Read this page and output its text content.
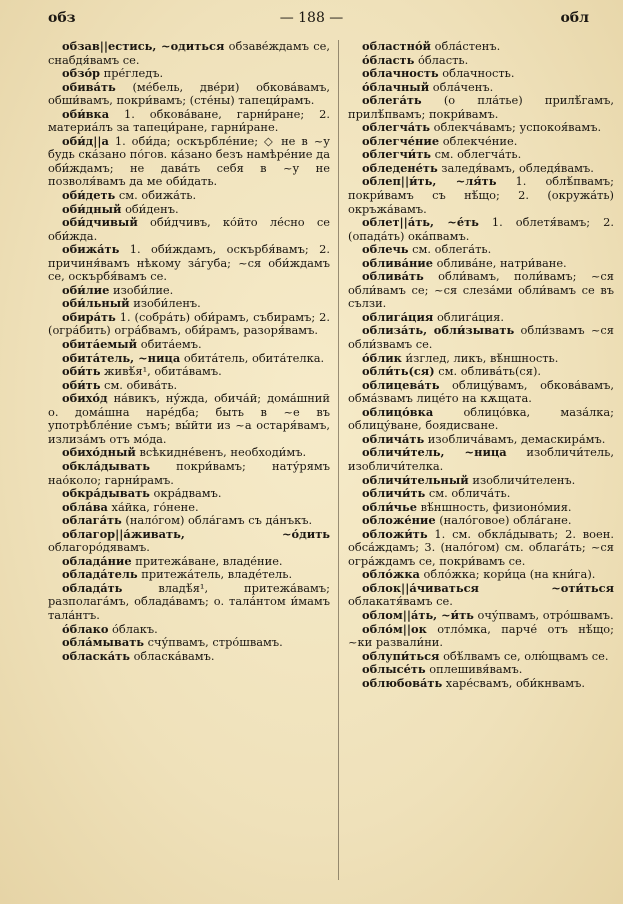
обз	— 188 —	обл

обзав||естись, ~одиться обзаве́ждамъ се, снабдя́вамъ се.

обзо́р пре́гледъ.

обива́ть (ме́бель, две́ри) обкова́вамъ, обши́вамъ, покри́вамъ; (сте́ны) тапеци́рамъ.

оби́вка 1. обкова́ване, гарни́ране; 2. материа́лъ за тапеци́ране, гарни́ране.

оби́д||а 1. оби́да; оскърбле́ние; ◇ не в ~у будь ска́зано по́гов. ка́зано безъ намѣре́ние да оби́ждамъ; не дава́ть себя в ~у не позволя́вамъ да ме оби́дать.

оби́деть см. обижа́ть.

оби́дный оби́денъ.

оби́дчивый оби́дчивъ, ко́йто ле́сно се оби́жда.

обижа́ть 1. оби́ждамъ, оскърбя́вамъ; 2. причиня́вамъ нѣкому за́губа; ~ся оби́ждамъ се, оскърбя́вамъ се.

оби́лие изоби́лие.

оби́льный изоби́ленъ.

обира́ть 1. (собра́ть) оби́рамъ, събирамъ; 2. (огра́бить) огра́бвамъ, оби́рамъ, разоря́вамъ.

обита́емый обита́емъ.

обита́тель, ~ница обита́тель, обита́телка.

оби́ть живѣ́я¹, обита́вамъ.

оби́ть см. обива́ть.

обихо́д на́викъ, ну́жда, обича́й; дома́шний о. дома́шна наре́дба; быть в ~е въ употрѣбле́ние съмъ; вы́йти из ~а остаря́вамъ, излиза́мъ отъ мо́да.

обихо́дный всѣкидне́венъ, необходи́мъ.

обкла́дывать покри́вамъ; нату́рямъ нао́коло; гарни́рамъ.

обкра́дывать окра́двамъ.

обла́ва ха́йка, го́нене.

облага́ть (нало́гом) обла́гамъ съ да́нъкъ.

облагор||а́живать, ~о́дить облагоро́дявамъ.

облада́ние притежа́ване, владе́ние.

облада́тель притежа́тель, владе́тель.

облада́ть владѣ́я¹, притежа́вамъ; разполага́мъ, облада́вамъ; о. тала́нтом и́мамъ тала́нтъ.

о́блако о́блакъ.

обла́мывать счу́пвамъ, стро́швамъ.

обласка́ть обласка́вамъ.

областно́й обла́стенъ.

о́бласть о́бласть.

облачность облачность.

о́блачный обла́ченъ.

облега́ть (о пла́тье) прилѣ́гамъ, прилѣ́пвамъ; покри́вамъ.

облегча́ть облекча́вамъ; успокоя́вамъ.

облегче́ние облекче́ние.

облегчи́ть см. облегча́ть.

обледене́ть заледя́вамъ, обледя́вамъ.

облеп||и́ть, ~ля́ть 1. облѣ́пвамъ; покри́вамъ съ нѣ́що; 2. (окружа́ть) окръжа́вамъ.

облет||а́ть, ~е́ть 1. облетя́вамъ; 2. (опада́ть) ока́пвамъ.

облечь см. облега́ть.

облива́ние облива́не, натри́ване.

облива́ть обли́вамъ, поли́вамъ; ~ся обли́вамъ се; ~ся слеза́ми обли́вамъ се въ сълзи.

облига́ция облига́ция.

облиза́ть, обли́зывать обли́звамъ ~ся обли́звамъ се.

о́блик и́зглед, ликъ, вѣ́ншность.

обли́ть(ся) см. облива́ть(ся).

облицева́ть облицу́вамъ, обкова́вамъ, обма́звамъ лице́то на кѫщата.

облицо́вка облицо́вка, маза́лка; облицу́ване, боядисване.

облича́ть изоблича́вамъ, демаскира́мъ.

обличи́тель, ~ница изобличи́тель, изобличи́телка.

обличи́тельный изобличи́теленъ.

обличи́ть см. облича́ть.

обли́чье вѣ́ншность, физионо́мия.

обложе́ние (нало́говое) обла́гане.

обложи́ть 1. см. обкла́дывать; 2. воен. обса́ждамъ; 3. (нало́гом) см. облага́ть; ~ся огра́ждамъ се, покри́вамъ се.

обло́жка обло́жка; кори́ца (на кни́га).

облок||а́чиваться ~оти́ться облакатя́вамъ се.

облом||а́ть, ~и́ть очу́пвамъ, отро́швамъ.

обло́м||ок отло́мка, парче́ отъ нѣ́що; ~ки развали́ни.

облупи́ться обѣ́лвамъ се, олю́щвамъ се.

облысе́ть оплешивя́вамъ.

облюбова́ть харе́свамъ, оби́кнвамъ.
